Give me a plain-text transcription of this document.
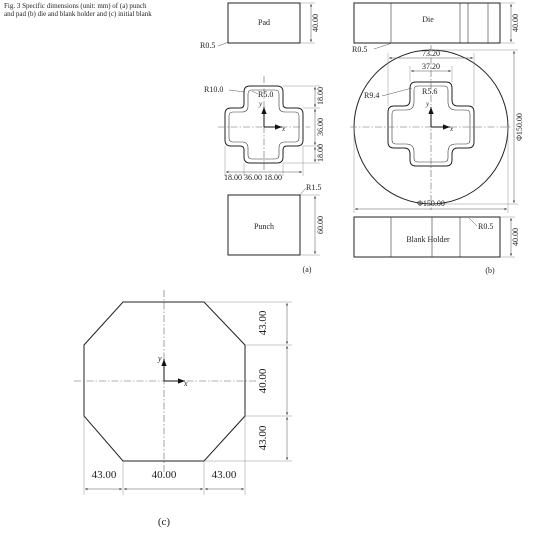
Fig. 3 Specific dimensions (unit: mm) of (a) punch and pad (b) die and blank holder and (c) initial blank
Pad	40.00
R0.5
x
y
R10.0
R5.0	18.00
36.00
18.00
18.00 36.00 18.00
Punch	60.00
R1.5
(a)
Die	40.00
R0.5
x
y
73.20
37.20
R9.4	R5.6
Φ150.00
Φ150.00
Blank Holder	40.00
R0.5
(b)
x
y
43.00
40.00
43.00
43.00	40.00	43.00
(c)
